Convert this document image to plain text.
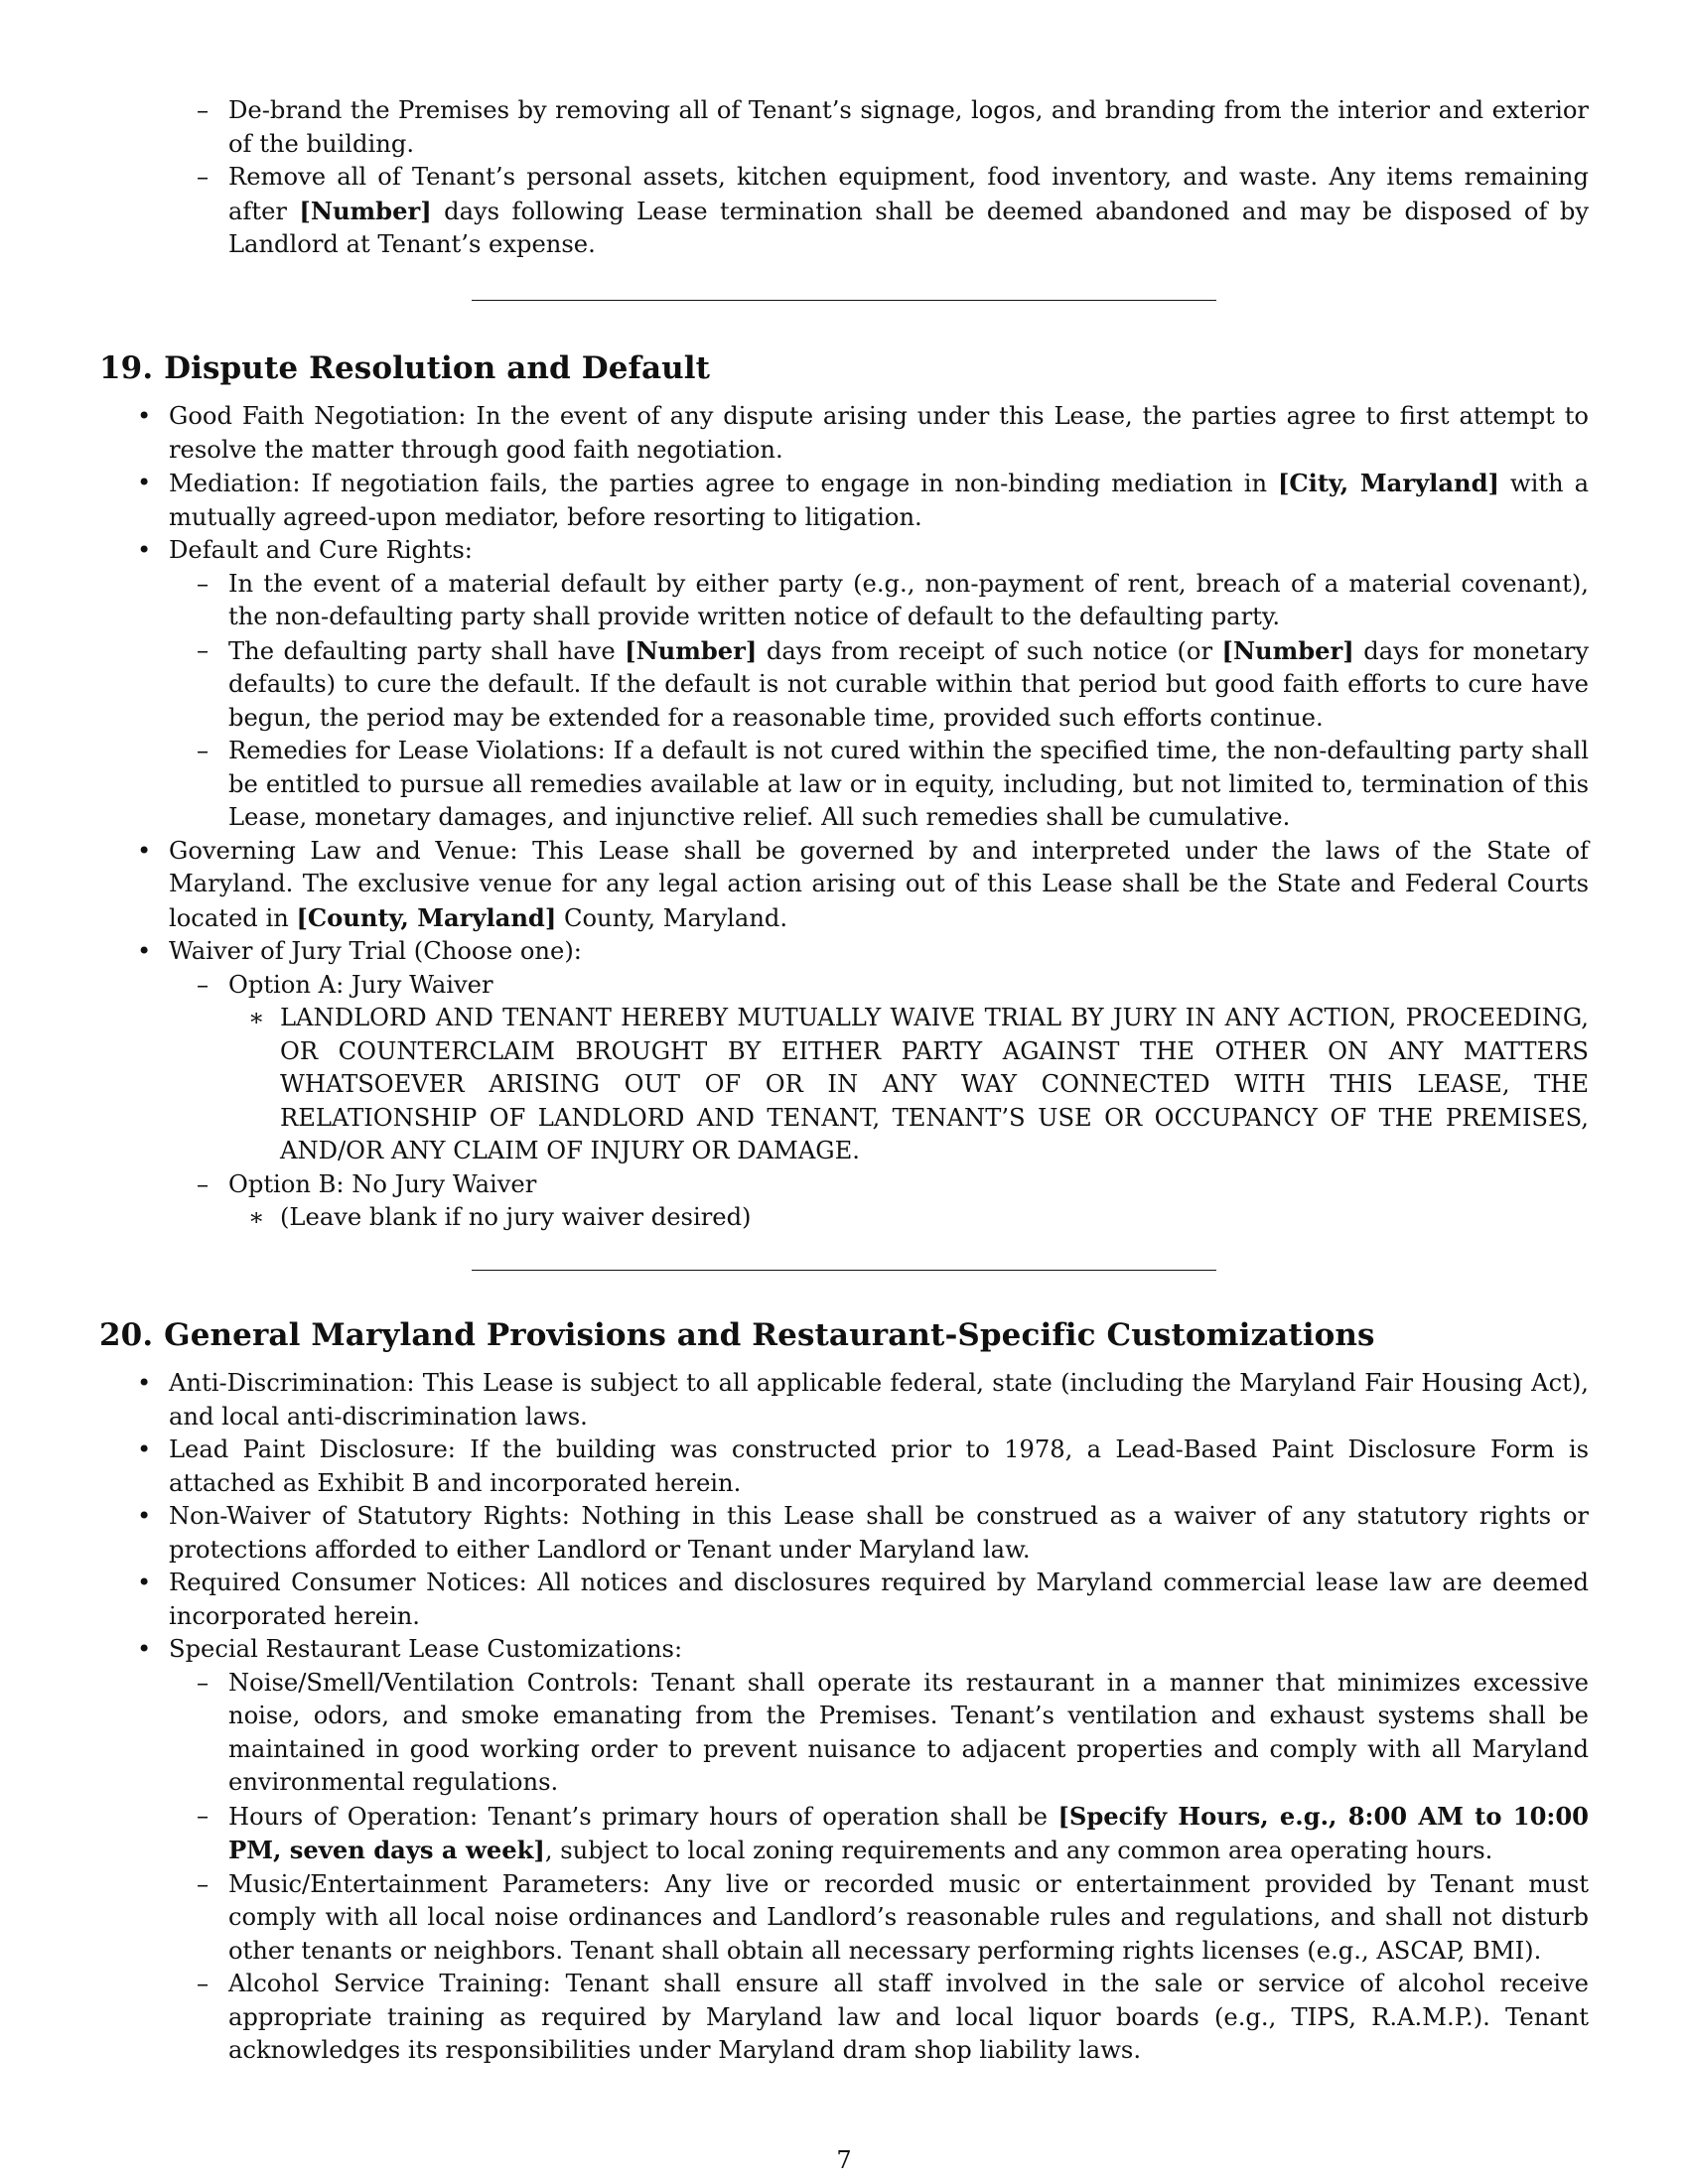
– De-brand the Premises by removing all of Tenant’s signage, logos, and branding from the interior and exterior of the building.
– Remove all of Tenant’s personal assets, kitchen equipment, food inventory, and waste. Any items remaining after [Number] days following Lease termination shall be deemed abandoned and may be disposed of by Landlord at Tenant’s expense.
19. Dispute Resolution and Default
• Good Faith Negotiation: In the event of any dispute arising under this Lease, the parties agree to first attempt to resolve the matter through good faith negotiation.
• Mediation: If negotiation fails, the parties agree to engage in non-binding mediation in [City, Maryland] with a mutually agreed-upon mediator, before resorting to litigation.
• Default and Cure Rights:
– In the event of a material default by either party (e.g., non-payment of rent, breach of a material covenant), the non-defaulting party shall provide written notice of default to the defaulting party.
– The defaulting party shall have [Number] days from receipt of such notice (or [Number] days for monetary defaults) to cure the default. If the default is not curable within that period but good faith efforts to cure have begun, the period may be extended for a reasonable time, provided such efforts continue.
– Remedies for Lease Violations: If a default is not cured within the specified time, the non-defaulting party shall be entitled to pursue all remedies available at law or in equity, including, but not limited to, termination of this Lease, monetary damages, and injunctive relief. All such remedies shall be cumulative.
• Governing Law and Venue: This Lease shall be governed by and interpreted under the laws of the State of Maryland. The exclusive venue for any legal action arising out of this Lease shall be the State and Federal Courts located in [County, Maryland] County, Maryland.
• Waiver of Jury Trial (Choose one):
– Option A: Jury Waiver
∗ LANDLORD AND TENANT HEREBY MUTUALLY WAIVE TRIAL BY JURY IN ANY ACTION, PROCEEDING, OR COUNTERCLAIM BROUGHT BY EITHER PARTY AGAINST THE OTHER ON ANY MATTERS WHATSOEVER ARISING OUT OF OR IN ANY WAY CONNECTED WITH THIS LEASE, THE RELATIONSHIP OF LANDLORD AND TENANT, TENANT’S USE OR OCCUPANCY OF THE PREMISES, AND/OR ANY CLAIM OF INJURY OR DAMAGE.
– Option B: No Jury Waiver
∗ (Leave blank if no jury waiver desired)
20. General Maryland Provisions and Restaurant-Specific Customizations
• Anti-Discrimination: This Lease is subject to all applicable federal, state (including the Maryland Fair Housing Act), and local anti-discrimination laws.
• Lead Paint Disclosure: If the building was constructed prior to 1978, a Lead-Based Paint Disclosure Form is attached as Exhibit B and incorporated herein.
• Non-Waiver of Statutory Rights: Nothing in this Lease shall be construed as a waiver of any statutory rights or protections afforded to either Landlord or Tenant under Maryland law.
• Required Consumer Notices: All notices and disclosures required by Maryland commercial lease law are deemed incorporated herein.
• Special Restaurant Lease Customizations:
– Noise/Smell/Ventilation Controls: Tenant shall operate its restaurant in a manner that minimizes excessive noise, odors, and smoke emanating from the Premises. Tenant’s ventilation and exhaust systems shall be maintained in good working order to prevent nuisance to adjacent properties and comply with all Maryland environmental regulations.
– Hours of Operation: Tenant’s primary hours of operation shall be [Specify Hours, e.g., 8:00 AM to 10:00 PM, seven days a week], subject to local zoning requirements and any common area operating hours.
– Music/Entertainment Parameters: Any live or recorded music or entertainment provided by Tenant must comply with all local noise ordinances and Landlord’s reasonable rules and regulations, and shall not disturb other tenants or neighbors. Tenant shall obtain all necessary performing rights licenses (e.g., ASCAP, BMI).
– Alcohol Service Training: Tenant shall ensure all staff involved in the sale or service of alcohol receive appropriate training as required by Maryland law and local liquor boards (e.g., TIPS, R.A.M.P.). Tenant acknowledges its responsibilities under Maryland dram shop liability laws.
7
